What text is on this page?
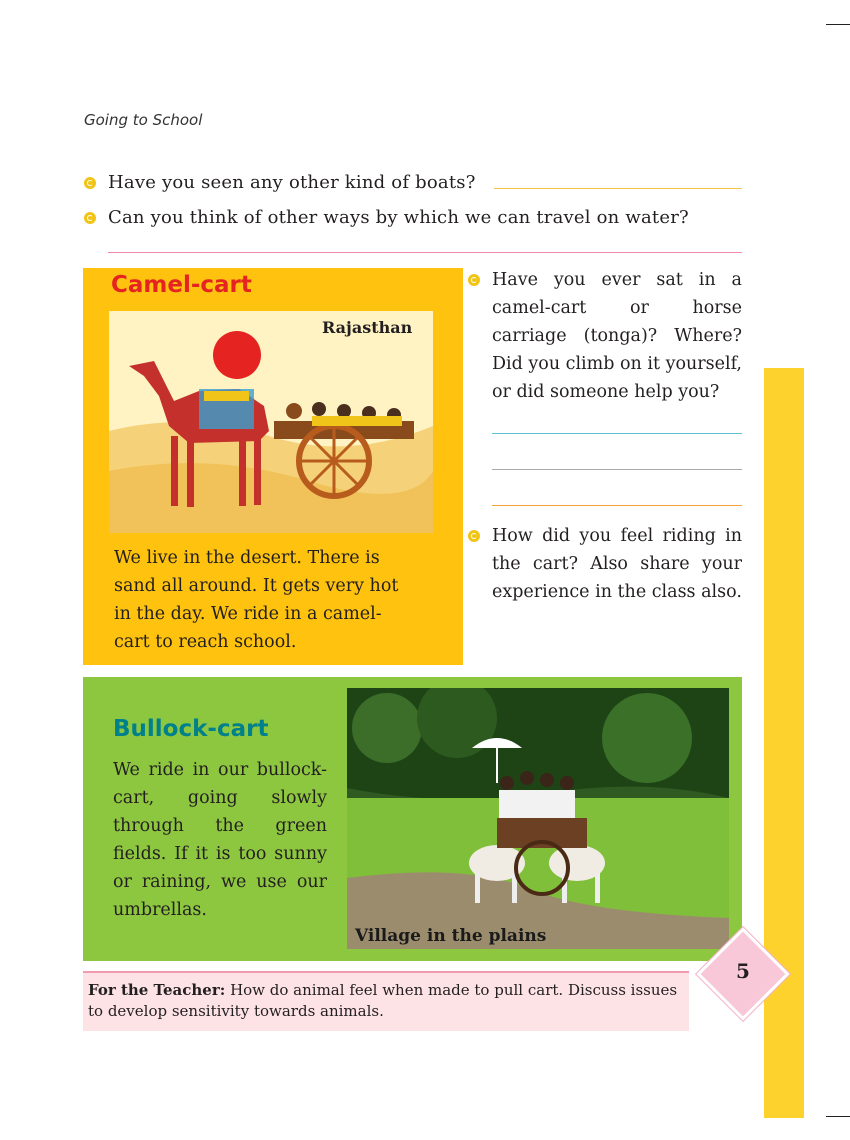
Going to School
Have you seen any other kind of boats?
Can you think of other ways by which we can travel on water?
Camel-cart
Rajasthan
We live in the desert. There is sand all around. It gets very hot in the day. We ride in a camel-cart to reach school.
Have you ever sat in a camel-cart or horse carriage (tonga)? Where? Did you climb on it yourself, or did someone help you?
How did you feel riding in the cart? Also share your experience in the class also.
Bullock-cart
We ride in our bullock-cart, going slowly through the green fields. If it is too sunny or raining, we use our umbrellas.
Village in the plains
For the Teacher: How do animal feel when made to pull cart. Discuss issues to develop sensitivity towards animals.
5
